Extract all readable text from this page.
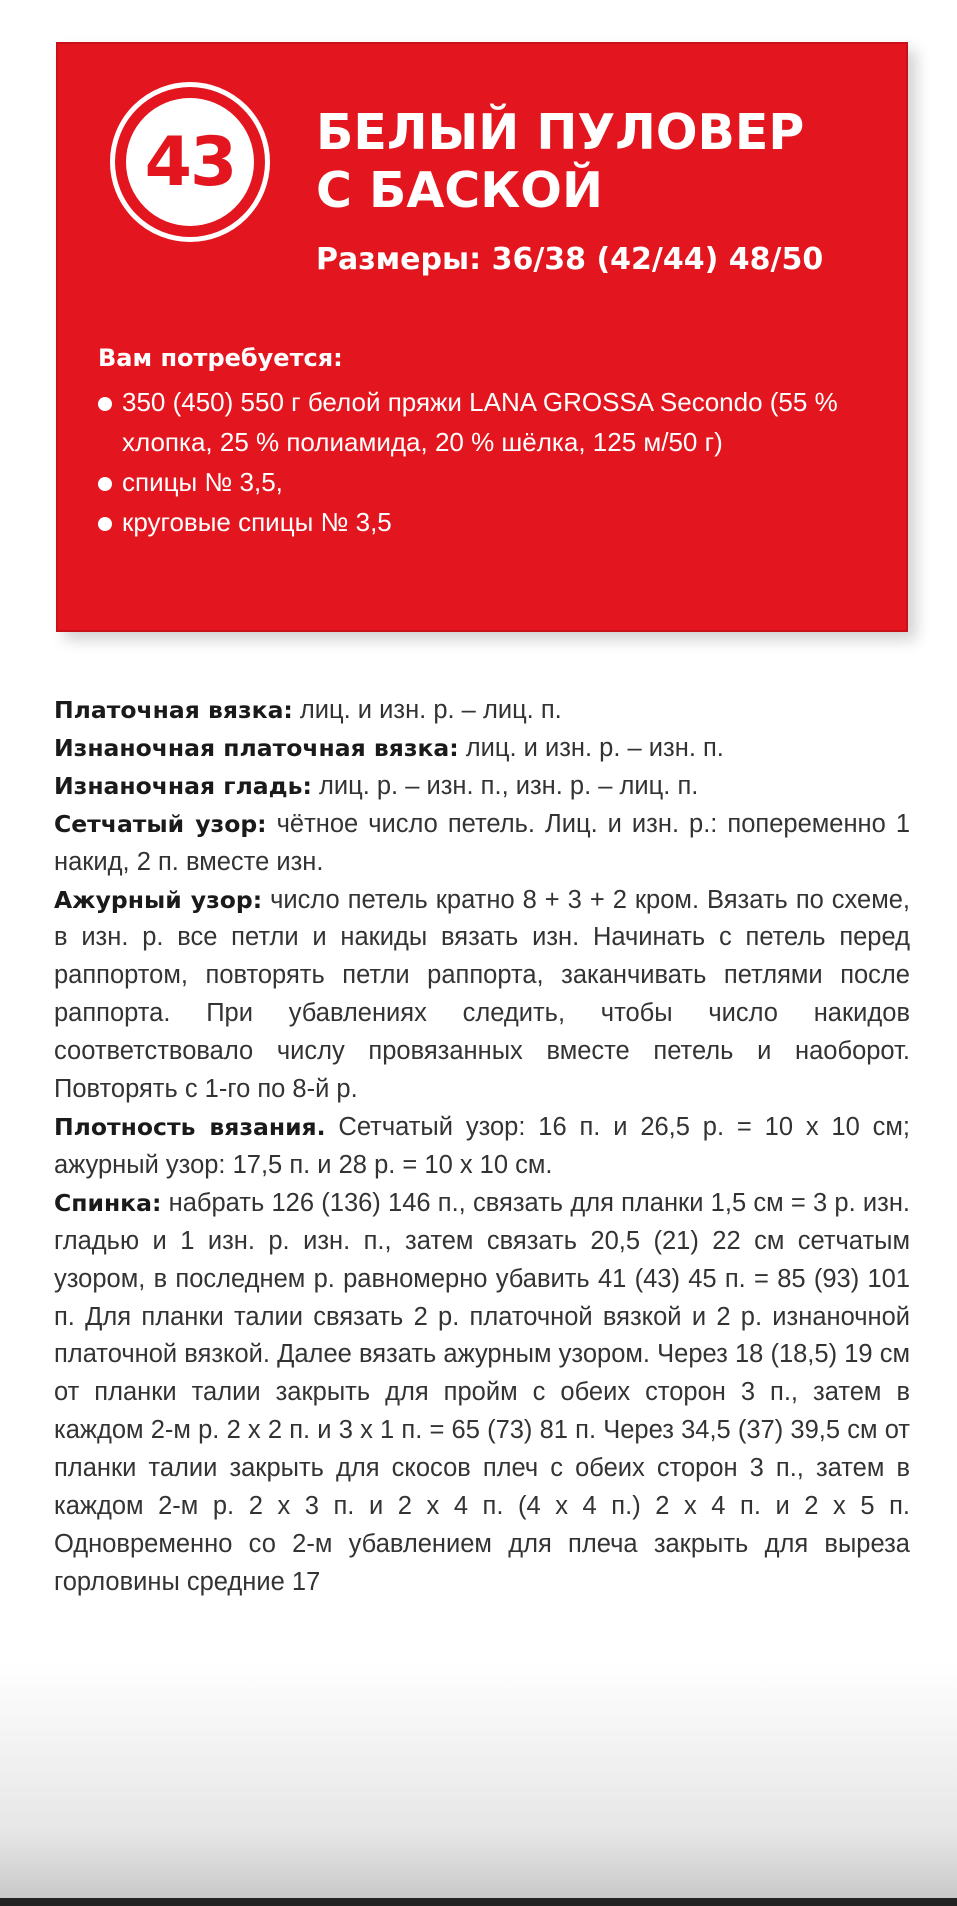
43	БЕЛЫЙ ПУЛОВЕР
С БАСКОЙ
Размеры: 36/38 (42/44) 48/50
Вам потребуется:
350 (450) 550 г белой пряжи LANA GROSSA Secondo (55 % хлопка, 25 % полиамида, 20 % шёлка, 125 м/50 г)
спицы № 3,5,
круговые спицы № 3,5

Платочная вязка: лиц. и изн. р. – лиц. п.

Изнаночная платочная вязка: лиц. и изн. р. – изн. п.

Изнаночная гладь: лиц. р. – изн. п., изн. р. – лиц. п.

Сетчатый узор: чётное число петель. Лиц. и изн. р.: попеременно 1 накид, 2 п. вместе изн.

Ажурный узор: число петель кратно 8 + 3 + 2 кром. Вязать по схеме, в изн. р. все петли и накиды вязать изн. Начинать с петель перед раппортом, повторять петли раппорта, заканчивать петлями после раппорта. При убавлениях следить, чтобы число накидов соответствовало числу провязанных вместе петель и наоборот. Повторять с 1-го по 8-й р.

Плотность вязания. Сетчатый узор: 16 п. и 26,5 р. = 10 х 10 см; ажурный узор: 17,5 п. и 28 р. = 10 х 10 см.

Спинка: набрать 126 (136) 146 п., связать для планки 1,5 см = 3 р. изн. гладью и 1 изн. р. изн. п., затем связать 20,5 (21) 22 см сетчатым узором, в последнем р. равномерно убавить 41 (43) 45 п. = 85 (93) 101 п. Для планки талии связать 2 р. платочной вязкой и 2 р. изнаночной платочной вязкой. Далее вязать ажурным узором. Через 18 (18,5) 19 см от планки талии закрыть для пройм с обеих сторон 3 п., затем в каждом 2-м р. 2 х 2 п. и 3 х 1 п. = 65 (73) 81 п. Через 34,5 (37) 39,5 см от планки талии закрыть для скосов плеч с обеих сторон 3 п., затем в каждом 2-м р. 2 х 3 п. и 2 х 4 п. (4 х 4 п.) 2 х 4 п. и 2 х 5 п. Одновременно со 2-м убавлением для плеча закрыть для выреза горловины средние 17
